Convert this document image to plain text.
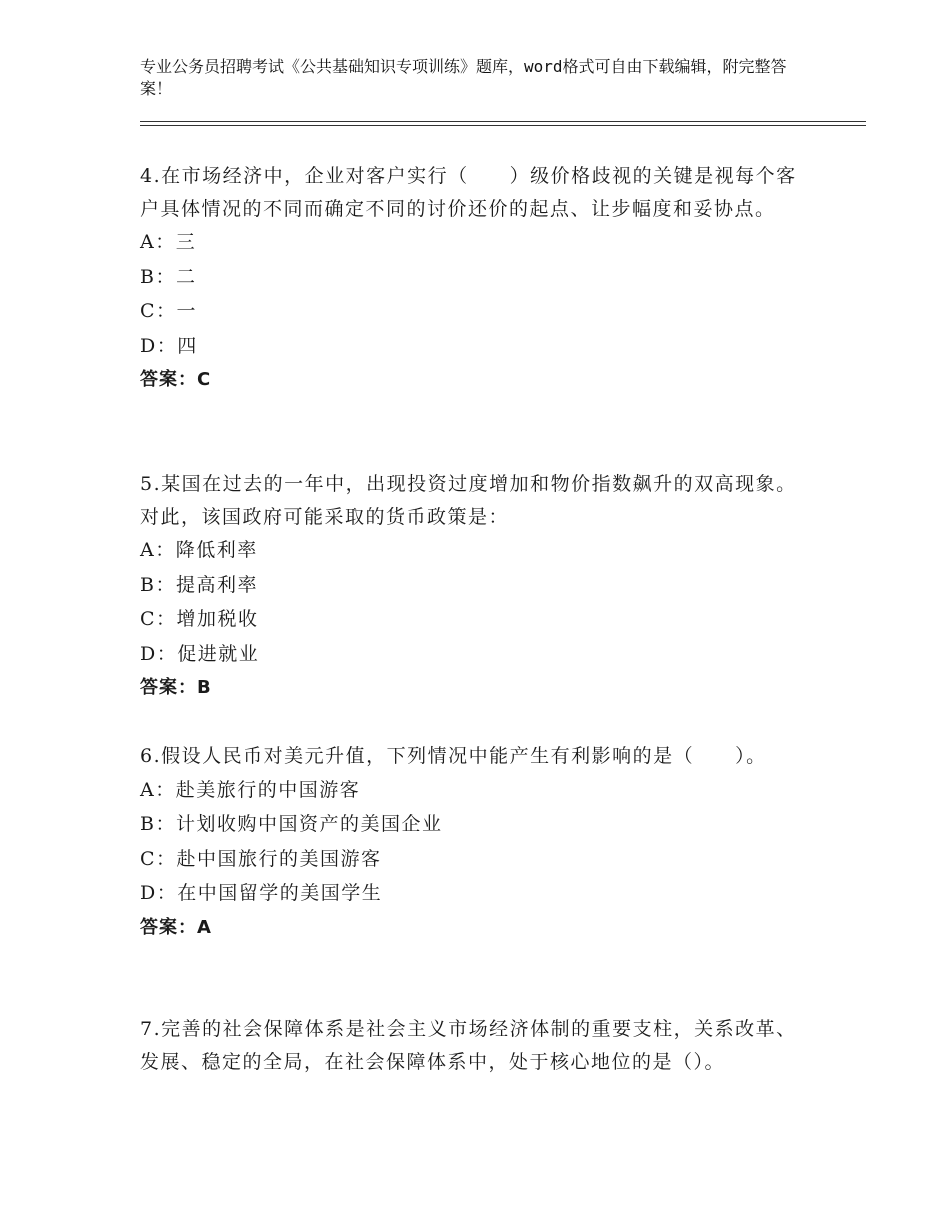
专业公务员招聘考试《公共基础知识专项训练》题库，word格式可自由下载编辑，附完整答案！

4.在市场经济中，企业对客户实行（　　）级价格歧视的关键是视每个客户具体情况的不同而确定不同的讨价还价的起点、让步幅度和妥协点。

A：三

B：二

C：一

D：四

答案：C

5.某国在过去的一年中，出现投资过度增加和物价指数飙升的双高现象。对此，该国政府可能采取的货币政策是：

A：降低利率

B：提高利率

C：增加税收

D：促进就业

答案：B

6.假设人民币对美元升值，下列情况中能产生有利影响的是（　　）。

A：赴美旅行的中国游客

B：计划收购中国资产的美国企业

C：赴中国旅行的美国游客

D：在中国留学的美国学生

答案：A

7.完善的社会保障体系是社会主义市场经济体制的重要支柱，关系改革、发展、稳定的全局，在社会保障体系中，处于核心地位的是（）。
